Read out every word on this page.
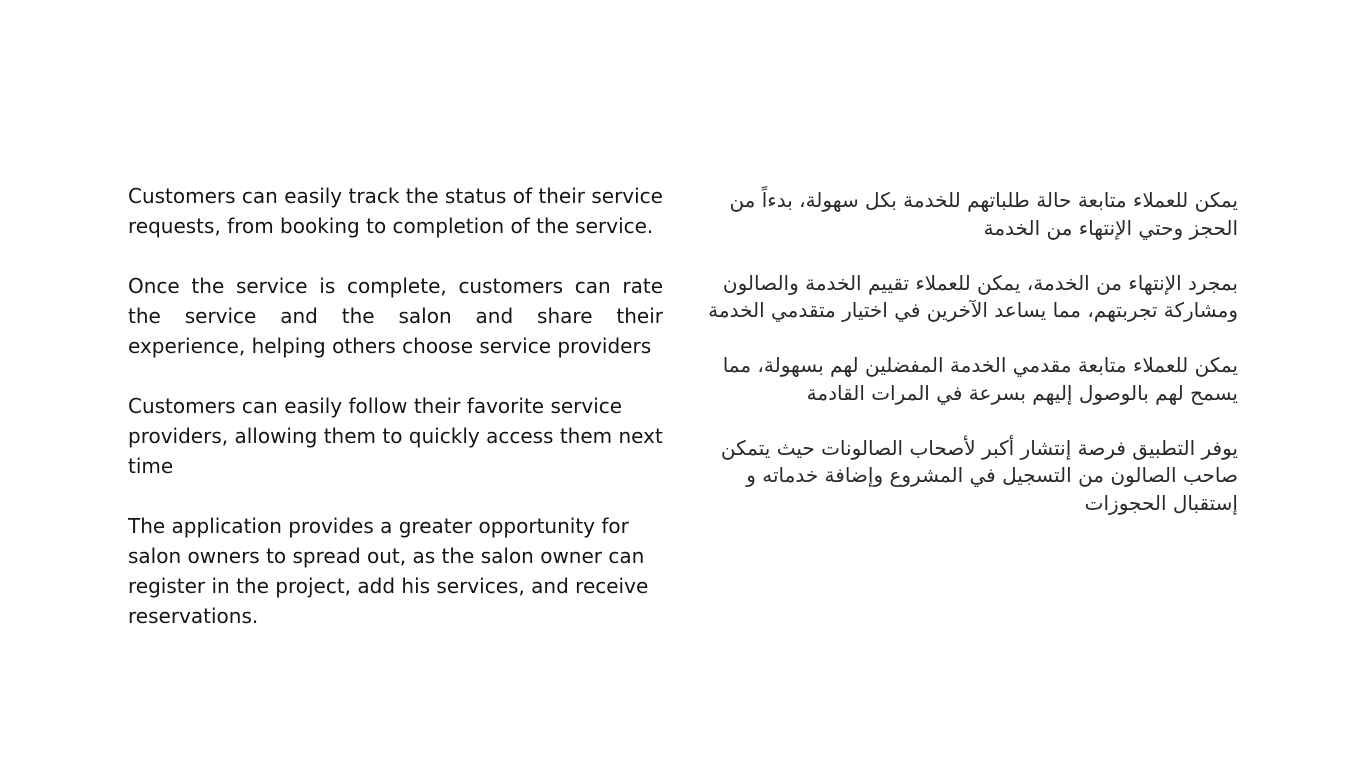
Customers can easily track the status of their service requests, from booking to completion of the service.

Once the service is complete, customers can rate the service and the salon and share their experience, helping others choose service providers

Customers can easily follow their favorite service providers, allowing them to quickly access them next time

The application provides a greater opportunity for salon owners to spread out, as the salon owner can register in the project, add his services, and receive reservations.

يمكن للعملاء متابعة حالة طلباتهم للخدمة بكل سهولة، بدءاً من الحجز وحتي الإنتهاء من الخدمة

بمجرد الإنتهاء من الخدمة، يمكن للعملاء تقييم الخدمة والصالون ومشاركة تجربتهم، مما يساعد الآخرين في اختيار متقدمي الخدمة

يمكن للعملاء متابعة مقدمي الخدمة المفضلين لهم بسهولة، مما يسمح لهم بالوصول إليهم بسرعة في المرات القادمة

يوفر التطبيق فرصة إنتشار أكبر لأصحاب الصالونات حيث يتمكن صاحب الصالون من التسجيل في المشروع وإضافة خدماته و إستقبال الحجوزات
